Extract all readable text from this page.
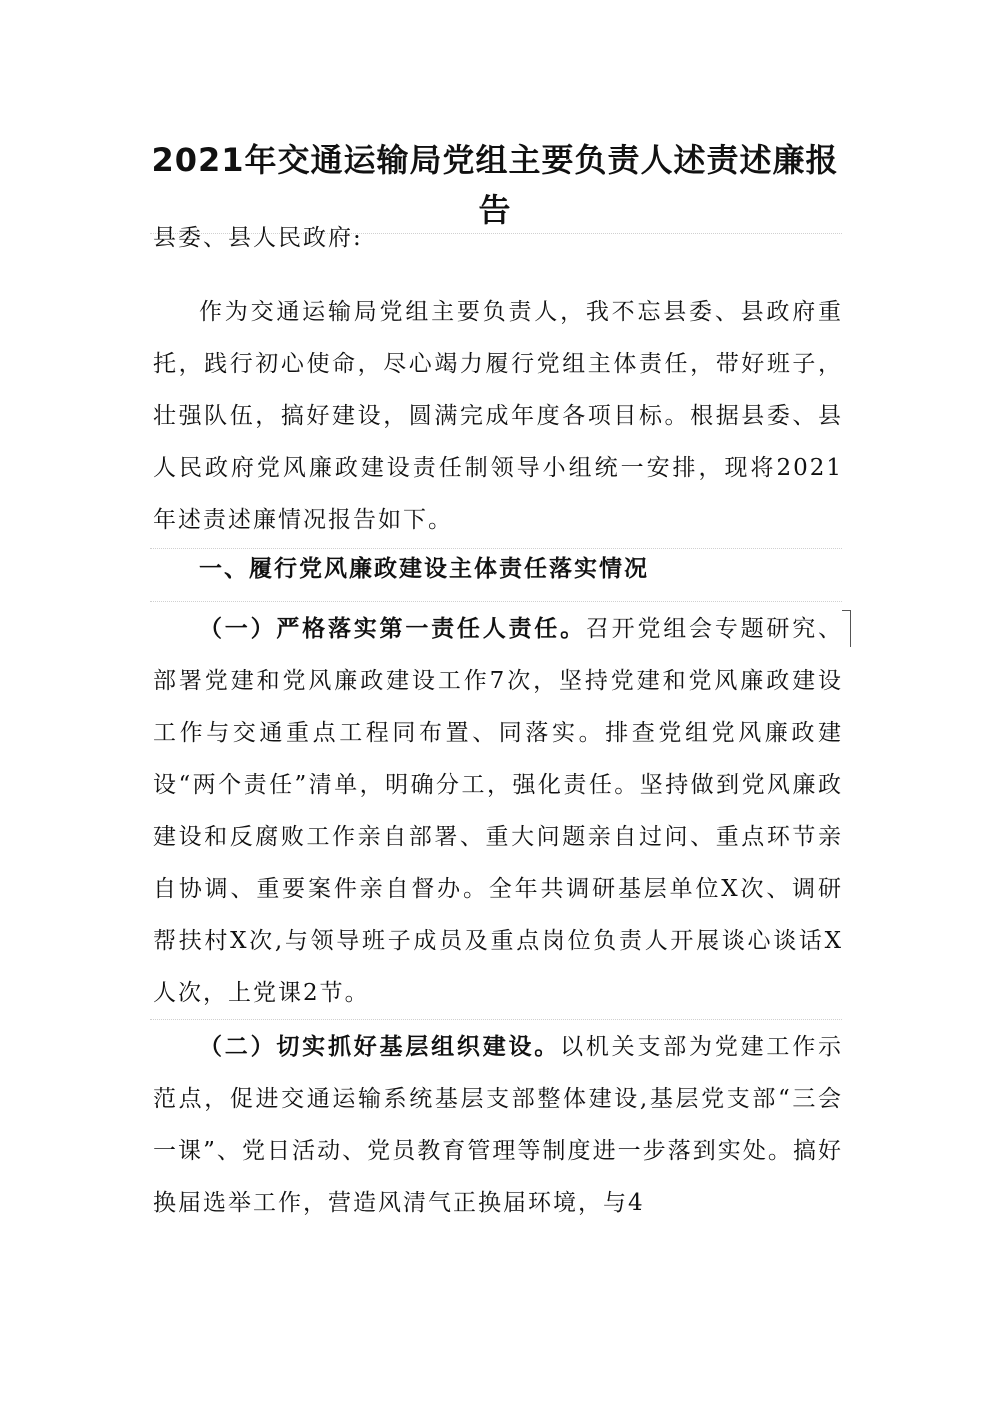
2021年交通运输局党组主要负责人述责述廉报告
县委、县人民政府:
作为交通运输局党组主要负责人，我不忘县委、县政府重托，践行初心使命，尽心竭力履行党组主体责任，带好班子，壮强队伍，搞好建设，圆满完成年度各项目标。根据县委、县人民政府党风廉政建设责任制领导小组统一安排，现将2021年述责述廉情况报告如下。
一、履行党风廉政建设主体责任落实情况
（一）严格落实第一责任人责任。召开党组会专题研究、部署党建和党风廉政建设工作7次，坚持党建和党风廉政建设工作与交通重点工程同布置、同落实。排查党组党风廉政建设“两个责任”清单，明确分工，强化责任。坚持做到党风廉政建设和反腐败工作亲自部署、重大问题亲自过问、重点环节亲自协调、重要案件亲自督办。全年共调研基层单位X次、调研帮扶村X次,与领导班子成员及重点岗位负责人开展谈心谈话X人次，上党课2节。
（二）切实抓好基层组织建设。以机关支部为党建工作示范点，促进交通运输系统基层支部整体建设,基层党支部“三会一课”、党日活动、党员教育管理等制度进一步落到实处。搞好换届选举工作，营造风清气正换届环境，与4
